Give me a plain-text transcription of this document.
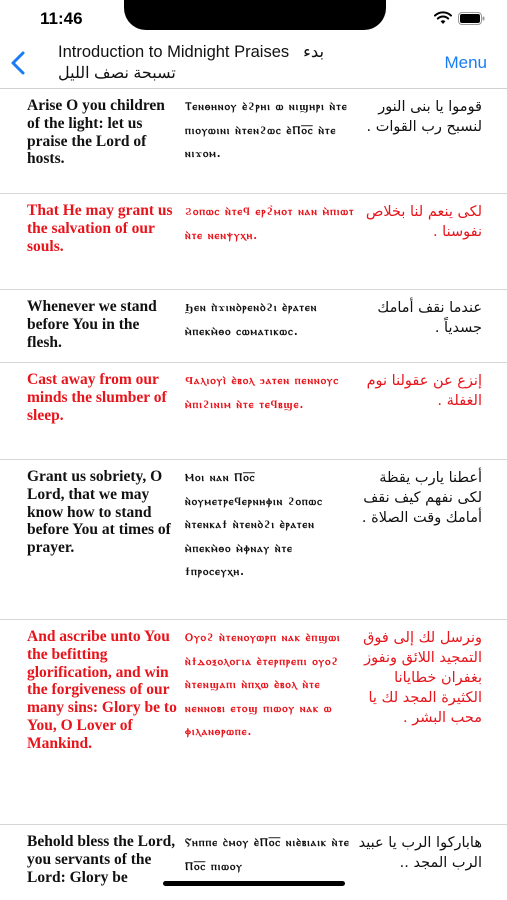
11:46
Introduction to Midnight Praises بدء
تسبحة نصف الليل
Menu
Arise O you children of the light: let us praise the Lord of hosts.
Ⲧⲉⲛⲑⲏⲛⲟⲩ ⲉ̀ϩⲣⲏⲓ ⲱ ⲛⲓϣⲏⲣⲓ ⲛ̀ⲧⲉ ⲡⲓⲟⲩⲱⲓⲛⲓ ⲛ̀ⲧⲉⲛϩⲱⲥ ⲉ̀Ⲡⲟ̅ⲥ̅ ⲛ̀ⲧⲉ ⲛⲓϫⲟⲙ.
قوموا يا بنى النور لنسبح رب القوات .
That He may grant us the salvation of our souls.
Ϩⲟⲡⲱⲥ ⲛ̀ⲧⲉϥ ⲉⲣϩ̀ⲙⲟⲧ ⲛⲁⲛ ⲙ̀ⲡⲓⲱⲧ ⲛ̀ⲧⲉ ⲛⲉⲛⲯⲩⲭⲏ.
لكى ينعم لنا بخلاص نفوسنا .
Whenever we stand before You in the flesh.
Ϧⲉⲛ ⲡ̀ϫⲓⲛⲟ̀ⲣⲉⲛⲟ̀ϩⲓ ⲉ̀ⲣⲁⲧⲉⲛ ⲙ̀ⲡⲉⲕⲙ̀ⲑⲟ ⲥⲱⲙⲁⲧⲓⲕⲱⲥ.
عندما نقف أمامك جسدياً .
Cast away from our minds the slumber of sleep.
Ϥⲁⲗⲓⲟⲩⲓ̀ ⲉ̀ⲃⲟⲗ ϧⲁⲧⲉⲛ ⲡⲉⲛⲛⲟⲩⲥ ⲙ̀ⲡⲓϩⲓⲛⲓⲙ ⲛ̀ⲧⲉ ⲧⲉϥⲃϣⲉ.
إنزع عن عقولنا نوم الغفلة .
Grant us sobriety, O Lord, that we may know how to stand before You at times of prayer.
Ⲙⲟⲓ ⲛⲁⲛ Ⲡⲟ̅ⲥ̅ ⲛ̀ⲟⲩⲙⲉⲧⲣⲉϥⲉⲣⲛⲏⲫⲓⲛ ϩⲟⲡⲱⲥ ⲛ̀ⲧⲉⲛⲕⲁϯ ⲛ̀ⲧⲉⲛⲟ̀ϩⲓ ⲉ̀ⲣⲁⲧⲉⲛ ⲙ̀ⲡⲉⲕⲙ̀ⲑⲟ ⲙ̀ⲫⲛⲁⲩ ⲛ̀ⲧⲉ ϯⲡⲣⲟⲥⲉⲩⲭⲏ.
أعطنا يارب يقظة لكى نفهم كيف نقف أمامك وقت الصلاة .
And ascribe unto You the befitting glorification, and win the forgiveness of our many sins: Glory be to You, O Lover of Mankind.
Ⲟⲩⲟϩ ⲛ̀ⲧⲉⲛⲟⲩⲱⲣⲡ ⲛⲁⲕ ⲉ̀ⲡϣⲱⲓ ⲛ̀ϯⲇⲟⲝⲟⲗⲟⲅⲓⲁ ⲉ̀ⲧⲉⲣⲡⲣⲉⲡⲓ ⲟⲩⲟϩ ⲛ̀ⲧⲉⲛϣⲁⲡⲓ ⲛ̀ⲡⲭⲱ ⲉ̀ⲃⲟⲗ ⲛ̀ⲧⲉ ⲛⲉⲛⲛⲟⲃⲓ ⲉⲧⲟϣ ⲡⲓⲱⲟⲩ ⲛⲁⲕ ⲱ ⲫⲓⲗⲁⲛⲑⲣⲱⲡⲉ.
ونرسل لك إلى فوق التمجيد اللائق ونفوز بغفران خطايانا الكثيرة المجد لك يا محب البشر .
Behold bless the Lord, you servants of the Lord: Glory be
Ⲋⲏⲡⲡⲉ ⲥ̀ⲙⲟⲩ ⲉ̀Ⲡⲟ̅ⲥ̅ ⲛⲓⲉ̀ⲃⲓⲁⲓⲕ ⲛ̀ⲧⲉ Ⲡⲟ̅ⲥ̅ ⲡⲓⲱⲟⲩ
هاباركوا الرب يا عبيد الرب المجد ..
